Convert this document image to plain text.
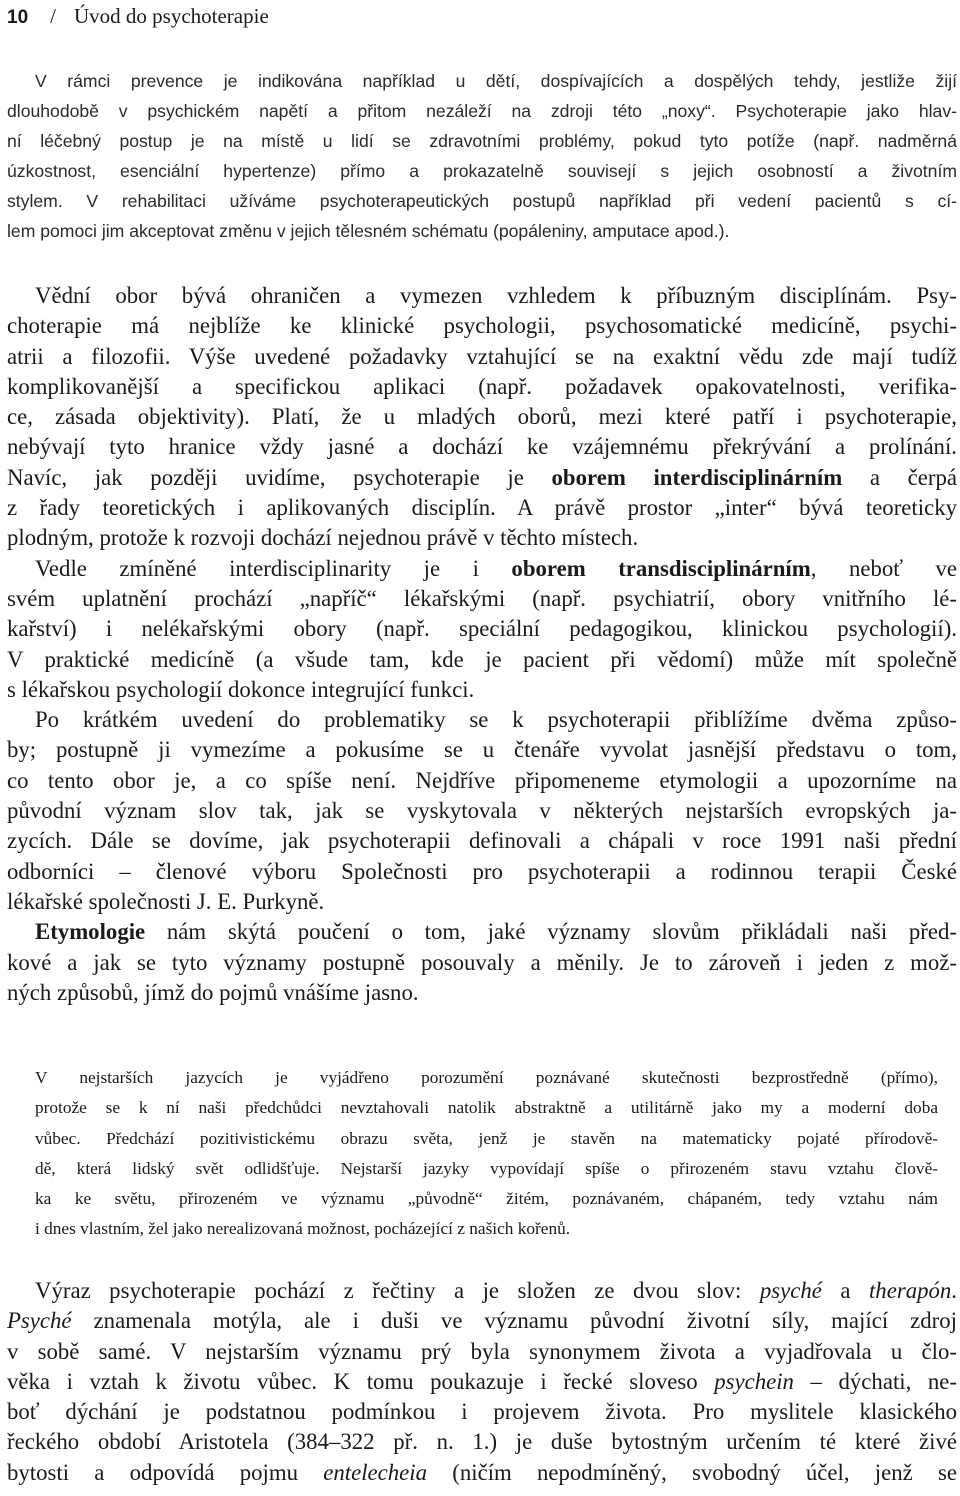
10 / Úvod do psychoterapie
V rámci prevence je indikována například u dětí, dospívajících a dospělých tehdy, jestliže žijí
dlouhodobě v psychickém napětí a přitom nezáleží na zdroji této „noxy“. Psychoterapie jako hlav-
ní léčebný postup je na místě u lidí se zdravotními problémy, pokud tyto potíže (např. nadměrná
úzkostnost, esenciální hypertenze) přímo a prokazatelně souvisejí s jejich osobností a životním
stylem. V rehabilitaci užíváme psychoterapeutických postupů například při vedení pacientů s cí-
lem pomoci jim akceptovat změnu v jejich tělesném schématu (popáleniny, amputace apod.).
Vědní obor bývá ohraničen a vymezen vzhledem k příbuzným disciplínám. Psy-
choterapie má nejblíže ke klinické psychologii, psychosomatické medicíně, psychi-
atrii a filozofii. Výše uvedené požadavky vztahující se na exaktní vědu zde mají tudíž
komplikovanější a specifickou aplikaci (např. požadavek opakovatelnosti, verifika-
ce, zásada objektivity). Platí, že u mladých oborů, mezi které patří i psychoterapie,
nebývají tyto hranice vždy jasné a dochází ke vzájemnému překrývání a prolínání.
Navíc, jak později uvidíme, psychoterapie je oborem interdisciplinárním a čerpá
z řady teoretických i aplikovaných disciplín. A právě prostor „inter“ bývá teoreticky
plodným, protože k rozvoji dochází nejednou právě v těchto místech.
Vedle zmíněné interdisciplinarity je i oborem transdisciplinárním, neboť ve
svém uplatnění prochází „napříč“ lékařskými (např. psychiatrií, obory vnitřního lé-
kařství) i nelékařskými obory (např. speciální pedagogikou, klinickou psychologií).
V praktické medicíně (a všude tam, kde je pacient při vědomí) může mít společně
s lékařskou psychologií dokonce integrující funkci.
Po krátkém uvedení do problematiky se k psychoterapii přiblížíme dvěma způso-
by; postupně ji vymezíme a pokusíme se u čtenáře vyvolat jasnější představu o tom,
co tento obor je, a co spíše není. Nejdříve připomeneme etymologii a upozorníme na
původní význam slov tak, jak se vyskytovala v některých nejstarších evropských ja-
zycích. Dále se dovíme, jak psychoterapii definovali a chápali v roce 1991 naši přední
odborníci – členové výboru Společnosti pro psychoterapii a rodinnou terapii České
lékařské společnosti J. E. Purkyně.
Etymologie nám skýtá poučení o tom, jaké významy slovům přikládali naši před-
kové a jak se tyto významy postupně posouvaly a měnily. Je to zároveň i jeden z mož-
ných způsobů, jímž do pojmů vnášíme jasno.
V nejstarších jazycích je vyjádřeno porozumění poznávané skutečnosti bezprostředně (přímo),
protože se k ní naši předchůdci nevztahovali natolik abstraktně a utilitárně jako my a moderní doba
vůbec. Předchází pozitivistickému obrazu světa, jenž je stavěn na matematicky pojaté přírodově-
dě, která lidský svět odlidšťuje. Nejstarší jazyky vypovídají spíše o přirozeném stavu vztahu člově-
ka ke světu, přirozeném ve významu „původně“ žitém, poznávaném, chápaném, tedy vztahu nám
i dnes vlastním, žel jako nerealizovaná možnost, pocházející z našich kořenů.
Výraz psychoterapie pochází z řečtiny a je složen ze dvou slov: psyché a therapón.
Psyché znamenala motýla, ale i duši ve významu původní životní síly, mající zdroj
v sobě samé. V nejstarším významu prý byla synonymem života a vyjadřovala u člo-
věka i vztah k životu vůbec. K tomu poukazuje i řecké sloveso psychein – dýchati, ne-
boť dýchání je podstatnou podmínkou i projevem života. Pro myslitele klasického
řeckého období Aristotela (384–322 př. n. 1.) je duše bytostným určením té které živé
bytosti a odpovídá pojmu entelecheia (ničím nepodmíněný, svobodný účel, jenž se
